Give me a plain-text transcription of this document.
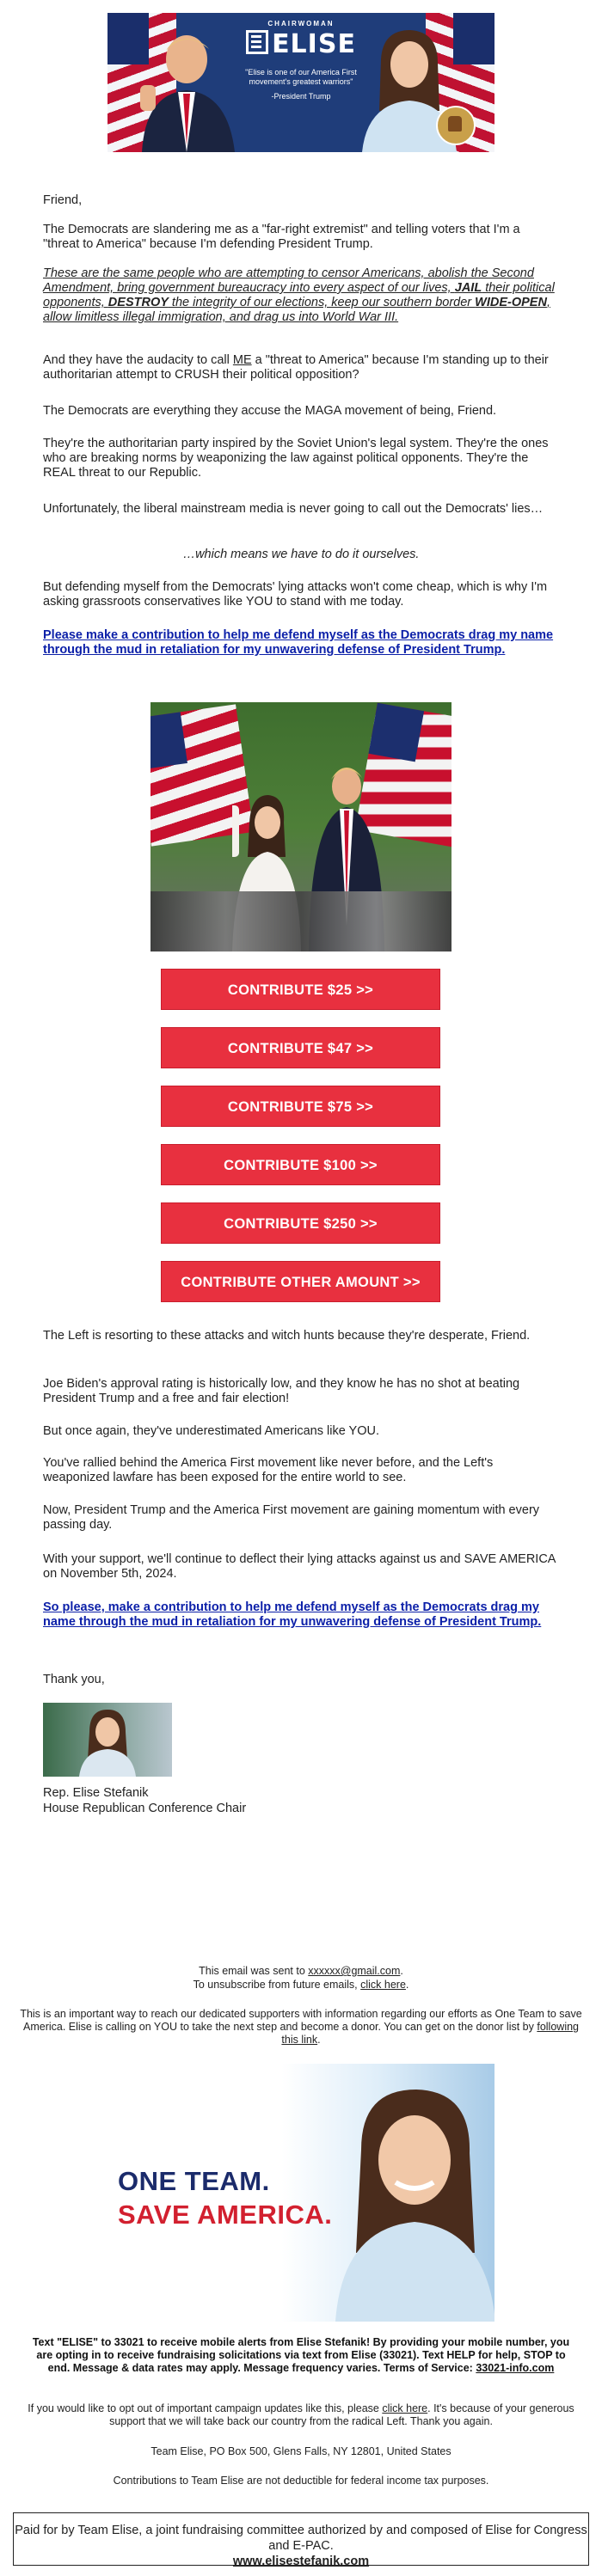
CHAIRWOMAN
ELISE
"Elise is one of our America First movement's greatest warriors"
-President Trump
Friend,
The Democrats are slandering me as a "far-right extremist" and telling voters that I'm a "threat to America" because I'm defending President Trump.
These are the same people who are attempting to censor Americans, abolish the Second Amendment, bring government bureaucracy into every aspect of our lives, JAIL their political opponents, DESTROY the integrity of our elections, keep our southern border WIDE-OPEN, allow limitless illegal immigration, and drag us into World War III.
And they have the audacity to call ME a "threat to America" because I'm standing up to their authoritarian attempt to CRUSH their political opposition?
The Democrats are everything they accuse the MAGA movement of being, Friend.
They're the authoritarian party inspired by the Soviet Union's legal system. They're the ones who are breaking norms by weaponizing the law against political opponents. They're the REAL threat to our Republic.
Unfortunately, the liberal mainstream media is never going to call out the Democrats' lies…
…which means we have to do it ourselves.
But defending myself from the Democrats' lying attacks won't come cheap, which is why I'm asking grassroots conservatives like YOU to stand with me today.
Please make a contribution to help me defend myself as the Democrats drag my name through the mud in retaliation for my unwavering defense of President Trump.
CONTRIBUTE $25 >>
CONTRIBUTE $47 >>
CONTRIBUTE $75 >>
CONTRIBUTE $100 >>
CONTRIBUTE $250 >>
CONTRIBUTE OTHER AMOUNT >>
The Left is resorting to these attacks and witch hunts because they're desperate, Friend.
Joe Biden's approval rating is historically low, and they know he has no shot at beating President Trump and a free and fair election!
But once again, they've underestimated Americans like YOU.
You've rallied behind the America First movement like never before, and the Left's weaponized lawfare has been exposed for the entire world to see.
Now, President Trump and the America First movement are gaining momentum with every passing day.
With your support, we'll continue to deflect their lying attacks against us and SAVE AMERICA on November 5th, 2024.
So please, make a contribution to help me defend myself as the Democrats drag my name through the mud in retaliation for my unwavering defense of President Trump.
Thank you,
Rep. Elise Stefanik
House Republican Conference Chair
This email was sent to xxxxxx@gmail.com.
To unsubscribe from future emails, click here.
This is an important way to reach our dedicated supporters with information regarding our efforts as One Team to save America. Elise is calling on YOU to take the next step and become a donor. You can get on the donor list by following this link.
ONE TEAM.
SAVE AMERICA.
Text "ELISE" to 33021 to receive mobile alerts from Elise Stefanik! By providing your mobile number, you are opting in to receive fundraising solicitations via text from Elise (33021). Text HELP for help, STOP to end. Message & data rates may apply. Message frequency varies. Terms of Service: 33021-info.com
If you would like to opt out of important campaign updates like this, please click here. It's because of your generous support that we will take back our country from the radical Left. Thank you again.
Team Elise, PO Box 500, Glens Falls, NY 12801, United States
Contributions to Team Elise are not deductible for federal income tax purposes.
Paid for by Team Elise, a joint fundraising committee authorized by and composed of Elise for Congress and E-PAC.
www.elisestefanik.com
